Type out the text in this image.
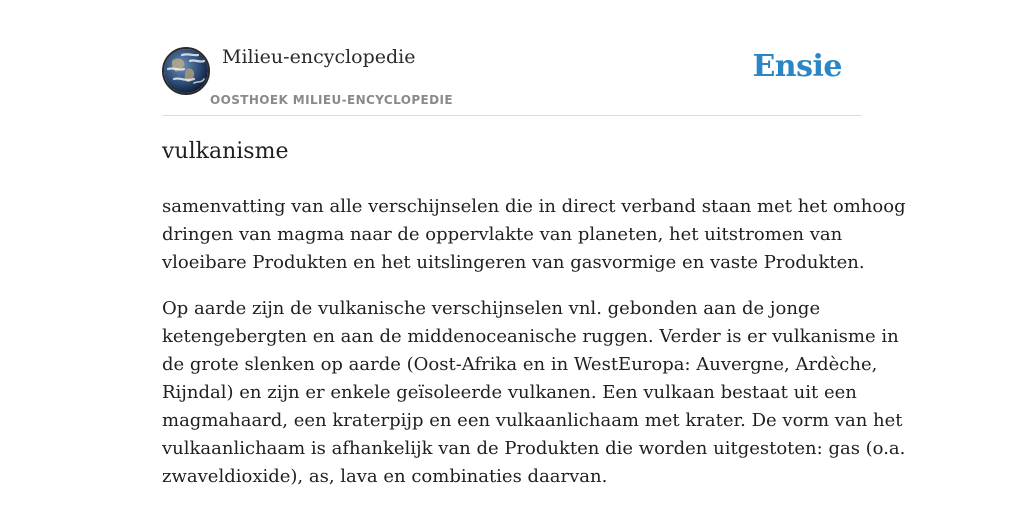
Milieu-encyclopedie
OOSTHOEK MILIEU-ENCYCLOPEDIE
Ensie
vulkanisme

samenvatting van alle verschijnselen die in direct verband staan met het omhoog
dringen van magma naar de oppervlakte van planeten, het uitstromen van
vloeibare Produkten en het uitslingeren van gasvormige en vaste Produkten.

Op aarde zijn de vulkanische verschijnselen vnl. gebonden aan de jonge
ketengebergten en aan de middenoceanische ruggen. Verder is er vulkanisme in
de grote slenken op aarde (Oost-Afrika en in WestEuropa: Auvergne, Ardèche,
Rijndal) en zijn er enkele geïsoleerde vulkanen. Een vulkaan bestaat uit een
magmahaard, een kraterpijp en een vulkaanlichaam met krater. De vorm van het
vulkaanlichaam is afhankelijk van de Produkten die worden uitgestoten: gas (o.a.
zwaveldioxide), as, lava en combinaties daarvan.
